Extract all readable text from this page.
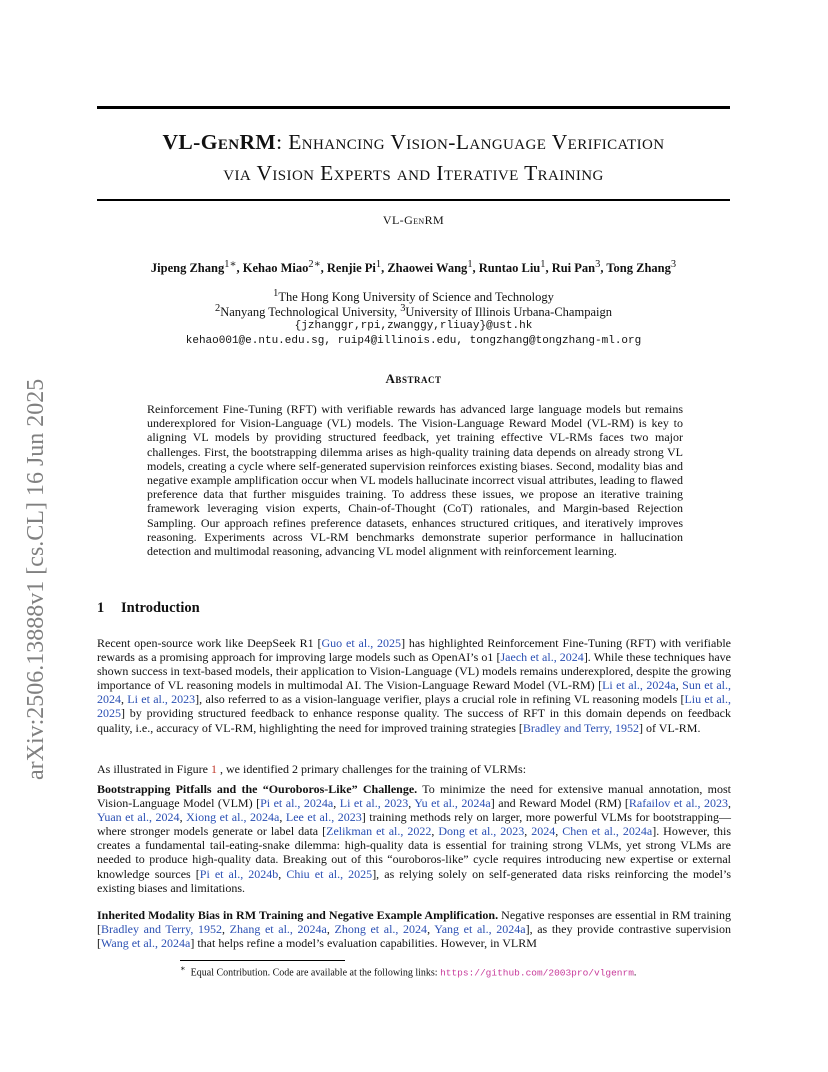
arXiv:2506.13888v1 [cs.CL] 16 Jun 2025
VL-GenRM: Enhancing Vision-Language Verification
via Vision Experts and Iterative Training
VL-GenRM
Jipeng Zhang$^{1∗}$, Kehao Miao$^{2∗}$, Renjie Pi$^1$, Zhaowei Wang$^1$, Runtao Liu$^1$, Rui Pan$^3$, Tong Zhang$^3$
$^1$The Hong Kong University of Science and Technology
$^2$Nanyang Technological University, $^3$University of Illinois Urbana-Champaign
{jzhanggr,rpi,zwanggy,rliuay}@ust.hk
kehao001@e.ntu.edu.sg, ruip4@illinois.edu, tongzhang@tongzhang-ml.org
Abstract
Reinforcement Fine-Tuning (RFT) with verifiable rewards has advanced large language models but remains underexplored for Vision-Language (VL) models. The Vision-Language Reward Model (VL-RM) is key to aligning VL models by providing structured feedback, yet training effective VL-RMs faces two major challenges. First, the bootstrapping dilemma arises as high-quality training data depends on already strong VL models, creating a cycle where self-generated supervision reinforces existing biases. Second, modality bias and negative example amplification occur when VL models hallucinate incorrect visual attributes, leading to flawed preference data that further misguides training. To address these issues, we propose an iterative training framework leveraging vision experts, Chain-of-Thought (CoT) rationales, and Margin-based Rejection Sampling. Our approach refines preference datasets, enhances structured critiques, and iteratively improves reasoning. Experiments across VL-RM benchmarks demonstrate superior performance in hallucination detection and multimodal reasoning, advancing VL model alignment with reinforcement learning.
1 Introduction
Recent open-source work like DeepSeek R1 [Guo et al., 2025] has highlighted Reinforcement Fine-Tuning (RFT) with verifiable rewards as a promising approach for improving large models such as OpenAI’s o1 [Jaech et al., 2024]. While these techniques have shown success in text-based models, their application to Vision-Language (VL) models remains underexplored, despite the growing importance of VL reasoning models in multimodal AI. The Vision-Language Reward Model (VL-RM) [Li et al., 2024a, Sun et al., 2024, Li et al., 2023], also referred to as a vision-language verifier, plays a crucial role in refining VL reasoning models [Liu et al., 2025] by providing structured feedback to enhance response quality. The success of RFT in this domain depends on feedback quality, i.e., accuracy of VL-RM, highlighting the need for improved training strategies [Bradley and Terry, 1952] of VL-RM.
As illustrated in Figure 1 , we identified 2 primary challenges for the training of VLRMs:
Bootstrapping Pitfalls and the “Ouroboros-Like” Challenge. To minimize the need for extensive manual annotation, most Vision-Language Model (VLM) [Pi et al., 2024a, Li et al., 2023, Yu et al., 2024a] and Reward Model (RM) [Rafailov et al., 2023, Yuan et al., 2024, Xiong et al., 2024a, Lee et al., 2023] training methods rely on larger, more powerful VLMs for bootstrapping—where stronger models generate or label data [Zelikman et al., 2022, Dong et al., 2023, 2024, Chen et al., 2024a]. However, this creates a fundamental tail-eating-snake dilemma: high-quality data is essential for training strong VLMs, yet strong VLMs are needed to produce high-quality data. Breaking out of this “ouroboros-like” cycle requires introducing new expertise or external knowledge sources [Pi et al., 2024b, Chiu et al., 2025], as relying solely on self-generated data risks reinforcing the model’s existing biases and limitations.
Inherited Modality Bias in RM Training and Negative Example Amplification. Negative responses are essential in RM training [Bradley and Terry, 1952, Zhang et al., 2024a, Zhong et al., 2024, Yang et al., 2024a], as they provide contrastive supervision [Wang et al., 2024a] that helps refine a model’s evaluation capabilities. However, in VLRM
∗ Equal Contribution. Code are available at the following links: https://github.com/2003pro/vlgenrm.
